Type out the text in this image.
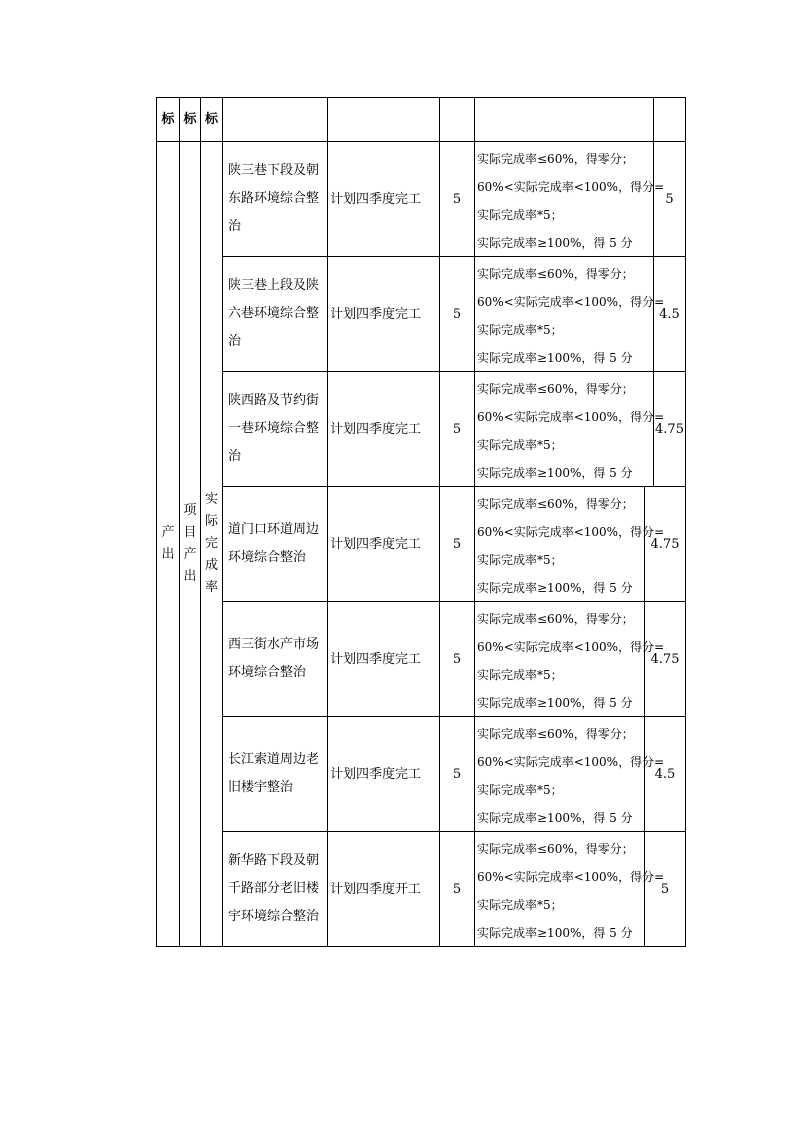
标 标 标
产出
项目产出
实际完成率
陕三巷下段及朝东路环境综合整治
计划四季度完工 5
实际完成率≤60%，得零分；
60%<实际完成率<100%，得分=
实际完成率*5；
实际完成率≥100%，得 5 分
5
陕三巷上段及陕六巷环境综合整治
计划四季度完工 5
实际完成率≤60%，得零分；
60%<实际完成率<100%，得分=
实际完成率*5；
实际完成率≥100%，得 5 分
4.5
陕西路及节约街一巷环境综合整治
计划四季度完工 5
实际完成率≤60%，得零分；
60%<实际完成率<100%，得分=
实际完成率*5；
实际完成率≥100%，得 5 分
4.75
道门口环道周边环境综合整治
计划四季度完工 5
实际完成率≤60%，得零分；
60%<实际完成率<100%，得分=
实际完成率*5；
实际完成率≥100%，得 5 分
4.75
西三街水产市场环境综合整治
计划四季度完工 5
实际完成率≤60%，得零分；
60%<实际完成率<100%，得分=
实际完成率*5；
实际完成率≥100%，得 5 分
4.75
长江索道周边老旧楼宇整治
计划四季度完工 5
实际完成率≤60%，得零分；
60%<实际完成率<100%，得分=
实际完成率*5；
实际完成率≥100%，得 5 分
4.5
新华路下段及朝千路部分老旧楼宇环境综合整治
计划四季度开工 5
实际完成率≤60%，得零分；
60%<实际完成率<100%，得分=
实际完成率*5；
实际完成率≥100%，得 5 分
5
